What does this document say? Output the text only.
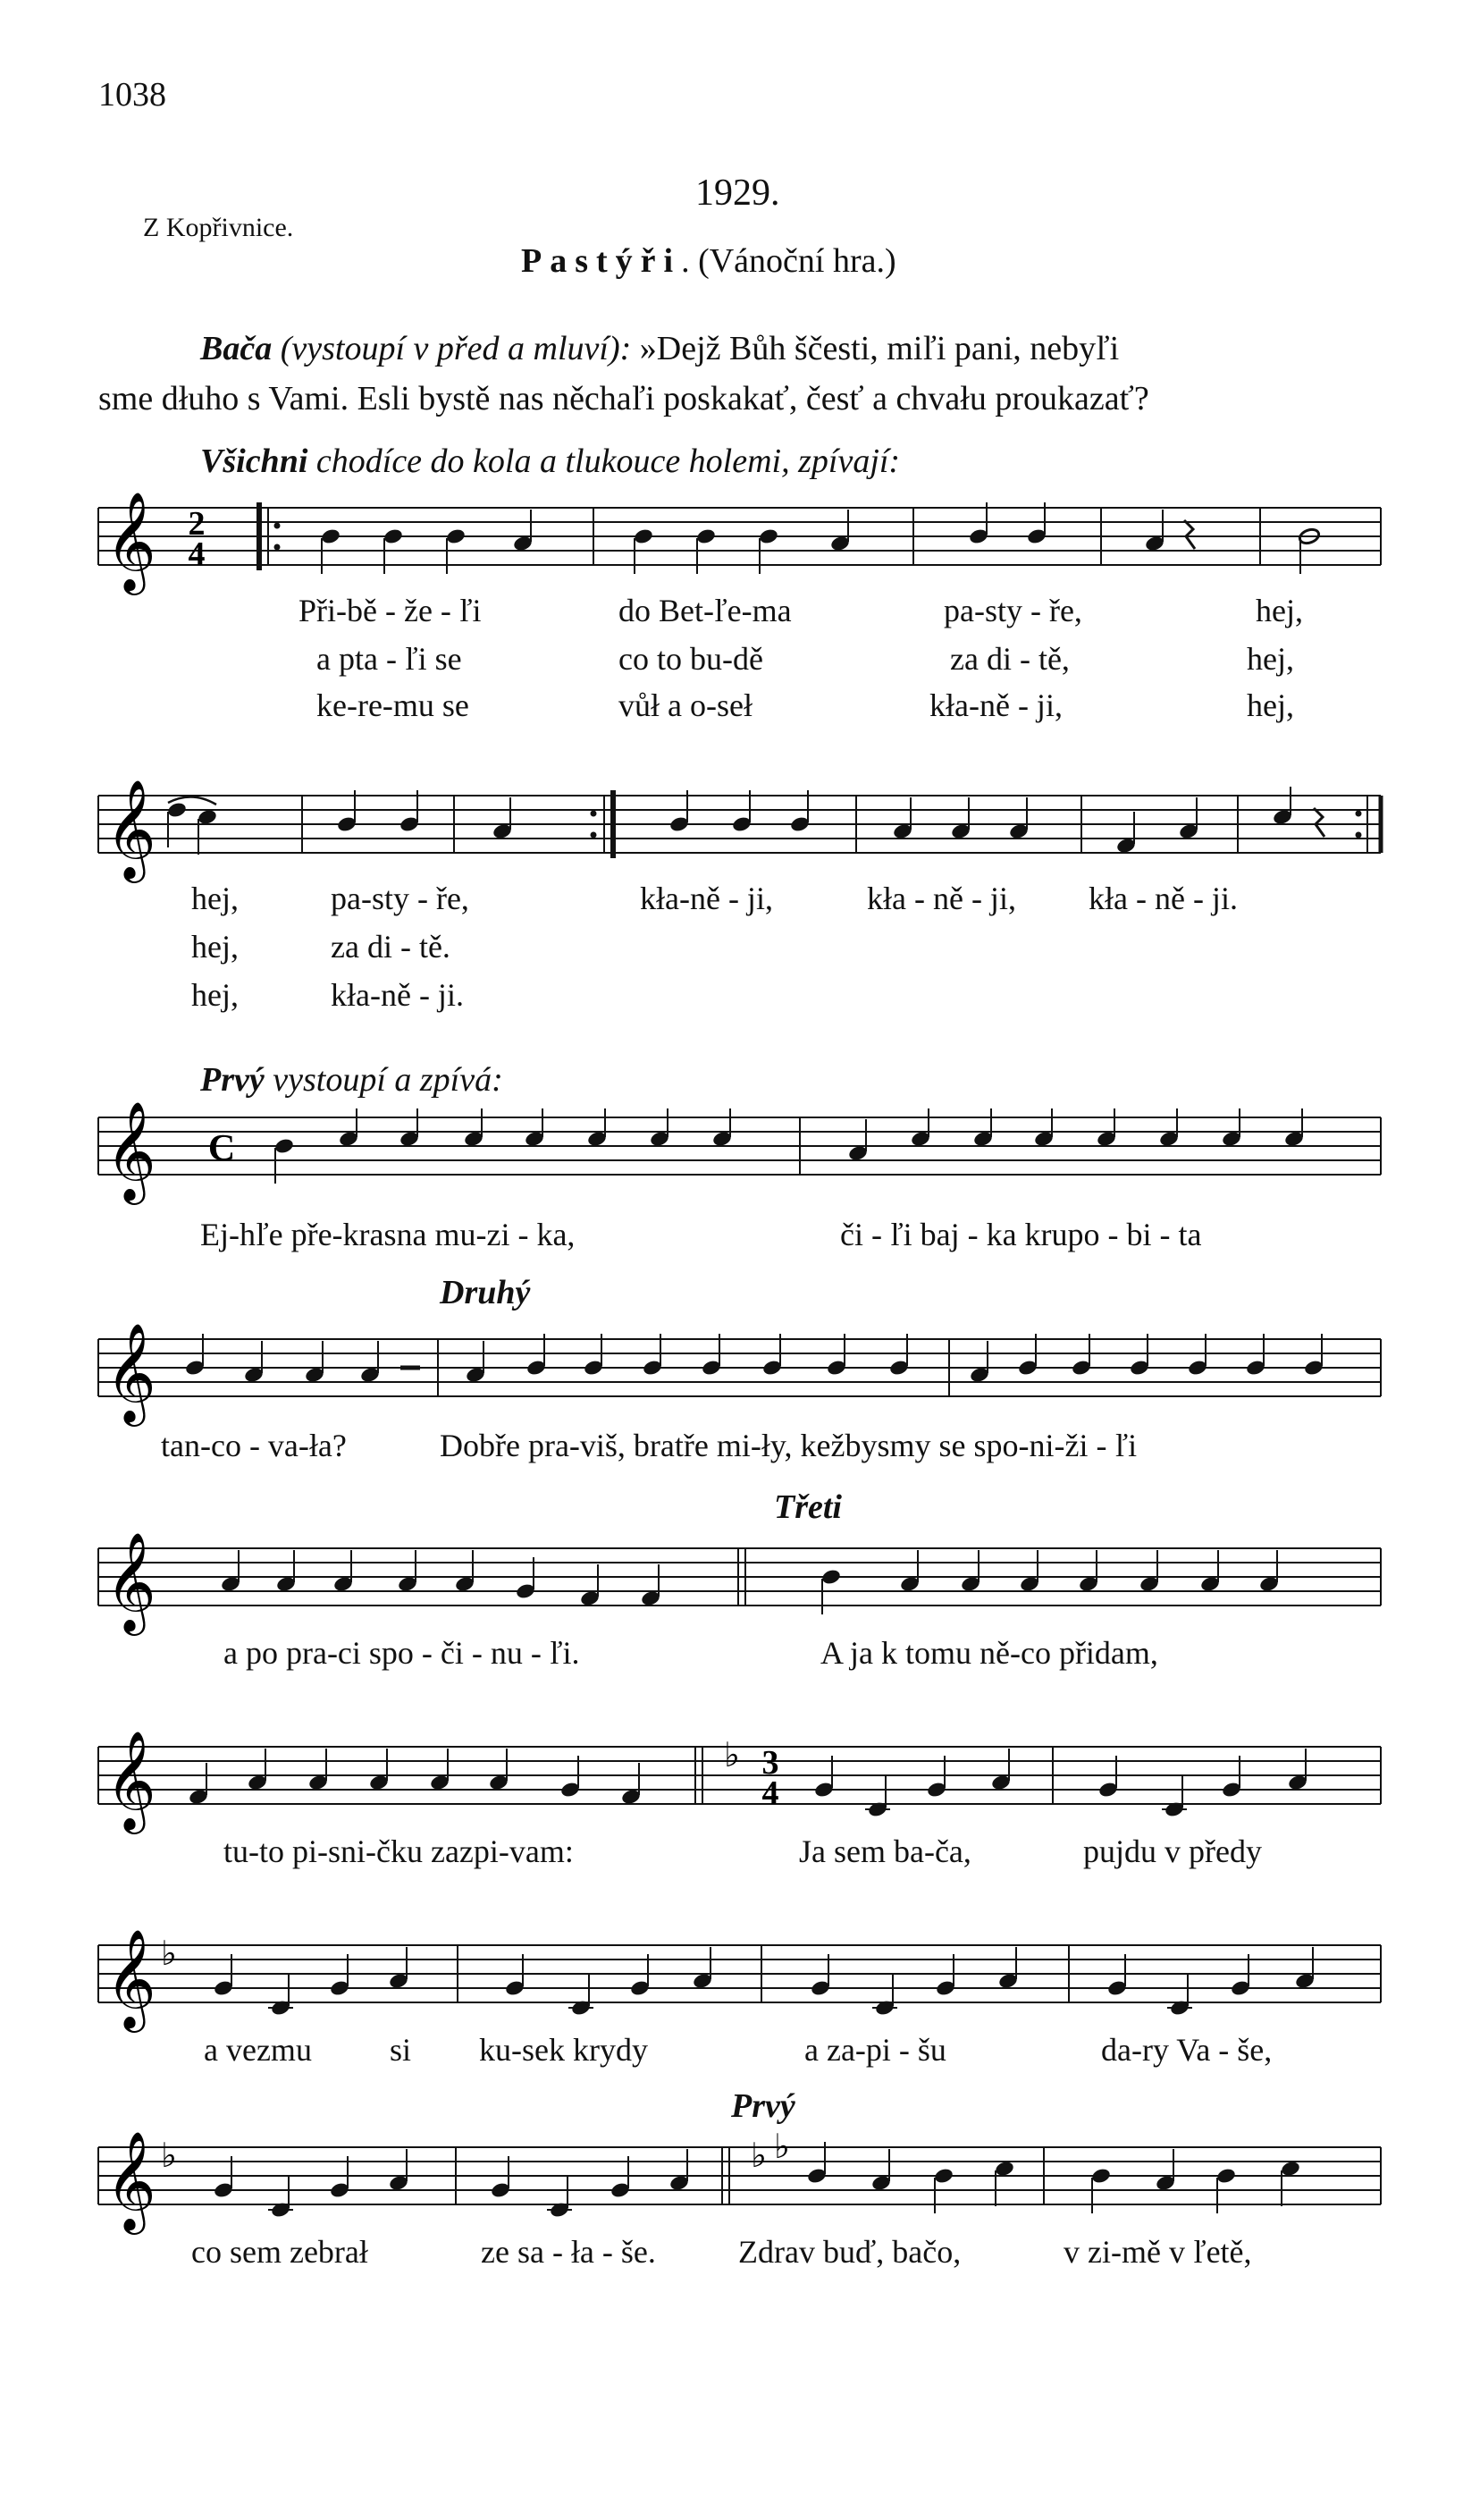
1038
1929.
Z Kopřivnice.
Pastýři. (Vánoční hra.)
Bača (vystoupí v před a mluví): »Dejž Bůh ščesti, miľi pani, nebyľi
sme dłuho s Vami. Esli bystě nas něchaľi poskakať, česť a chvału proukazať?
Všichni chodíce do kola a tlukouce holemi, zpívají:
𝄞 2
4
Při-bě - že - ľi	do Bet-ľe-ma	pa-sty - ře,	hej,
a pta - ľi se	co to bu-dě	za di - tě,	hej,
ke-re-mu se	vůł a o-seł	kła-ně - ji,	hej,
𝄞
hej,	pa-sty - ře,	kła-ně - ji,	kła - ně - ji, kła - ně - ji.
hej,	za di - tě.
hej,	kła-ně - ji.
Prvý vystoupí a zpívá:
𝄞 C
Ej-hľe pře-krasna mu-zi - ka,	či - ľi baj - ka krupo - bi - ta
Druhý
𝄞
tan-co - va-ła?	Dobře pra-viš, bratře mi-ły, kežbysmy se spo-ni-ži - ľi
Třeti
𝄞
a po pra-ci spo - či - nu - ľi.	A ja k tomu ně-co přidam,
𝄞	♭ 3
4
tu-to pi-sni-čku zazpi-vam:	Ja sem ba-ča,	pujdu v předy
𝄞 ♭
a vezmu si ku-sek krydy	a za-pi - šu	da-ry Va - še,
Prvý
𝄞 ♭	♭ ♭
co sem zebrał	ze sa - ła - še.	Zdrav buď, bačo,	v zi-mě v ľetě,
